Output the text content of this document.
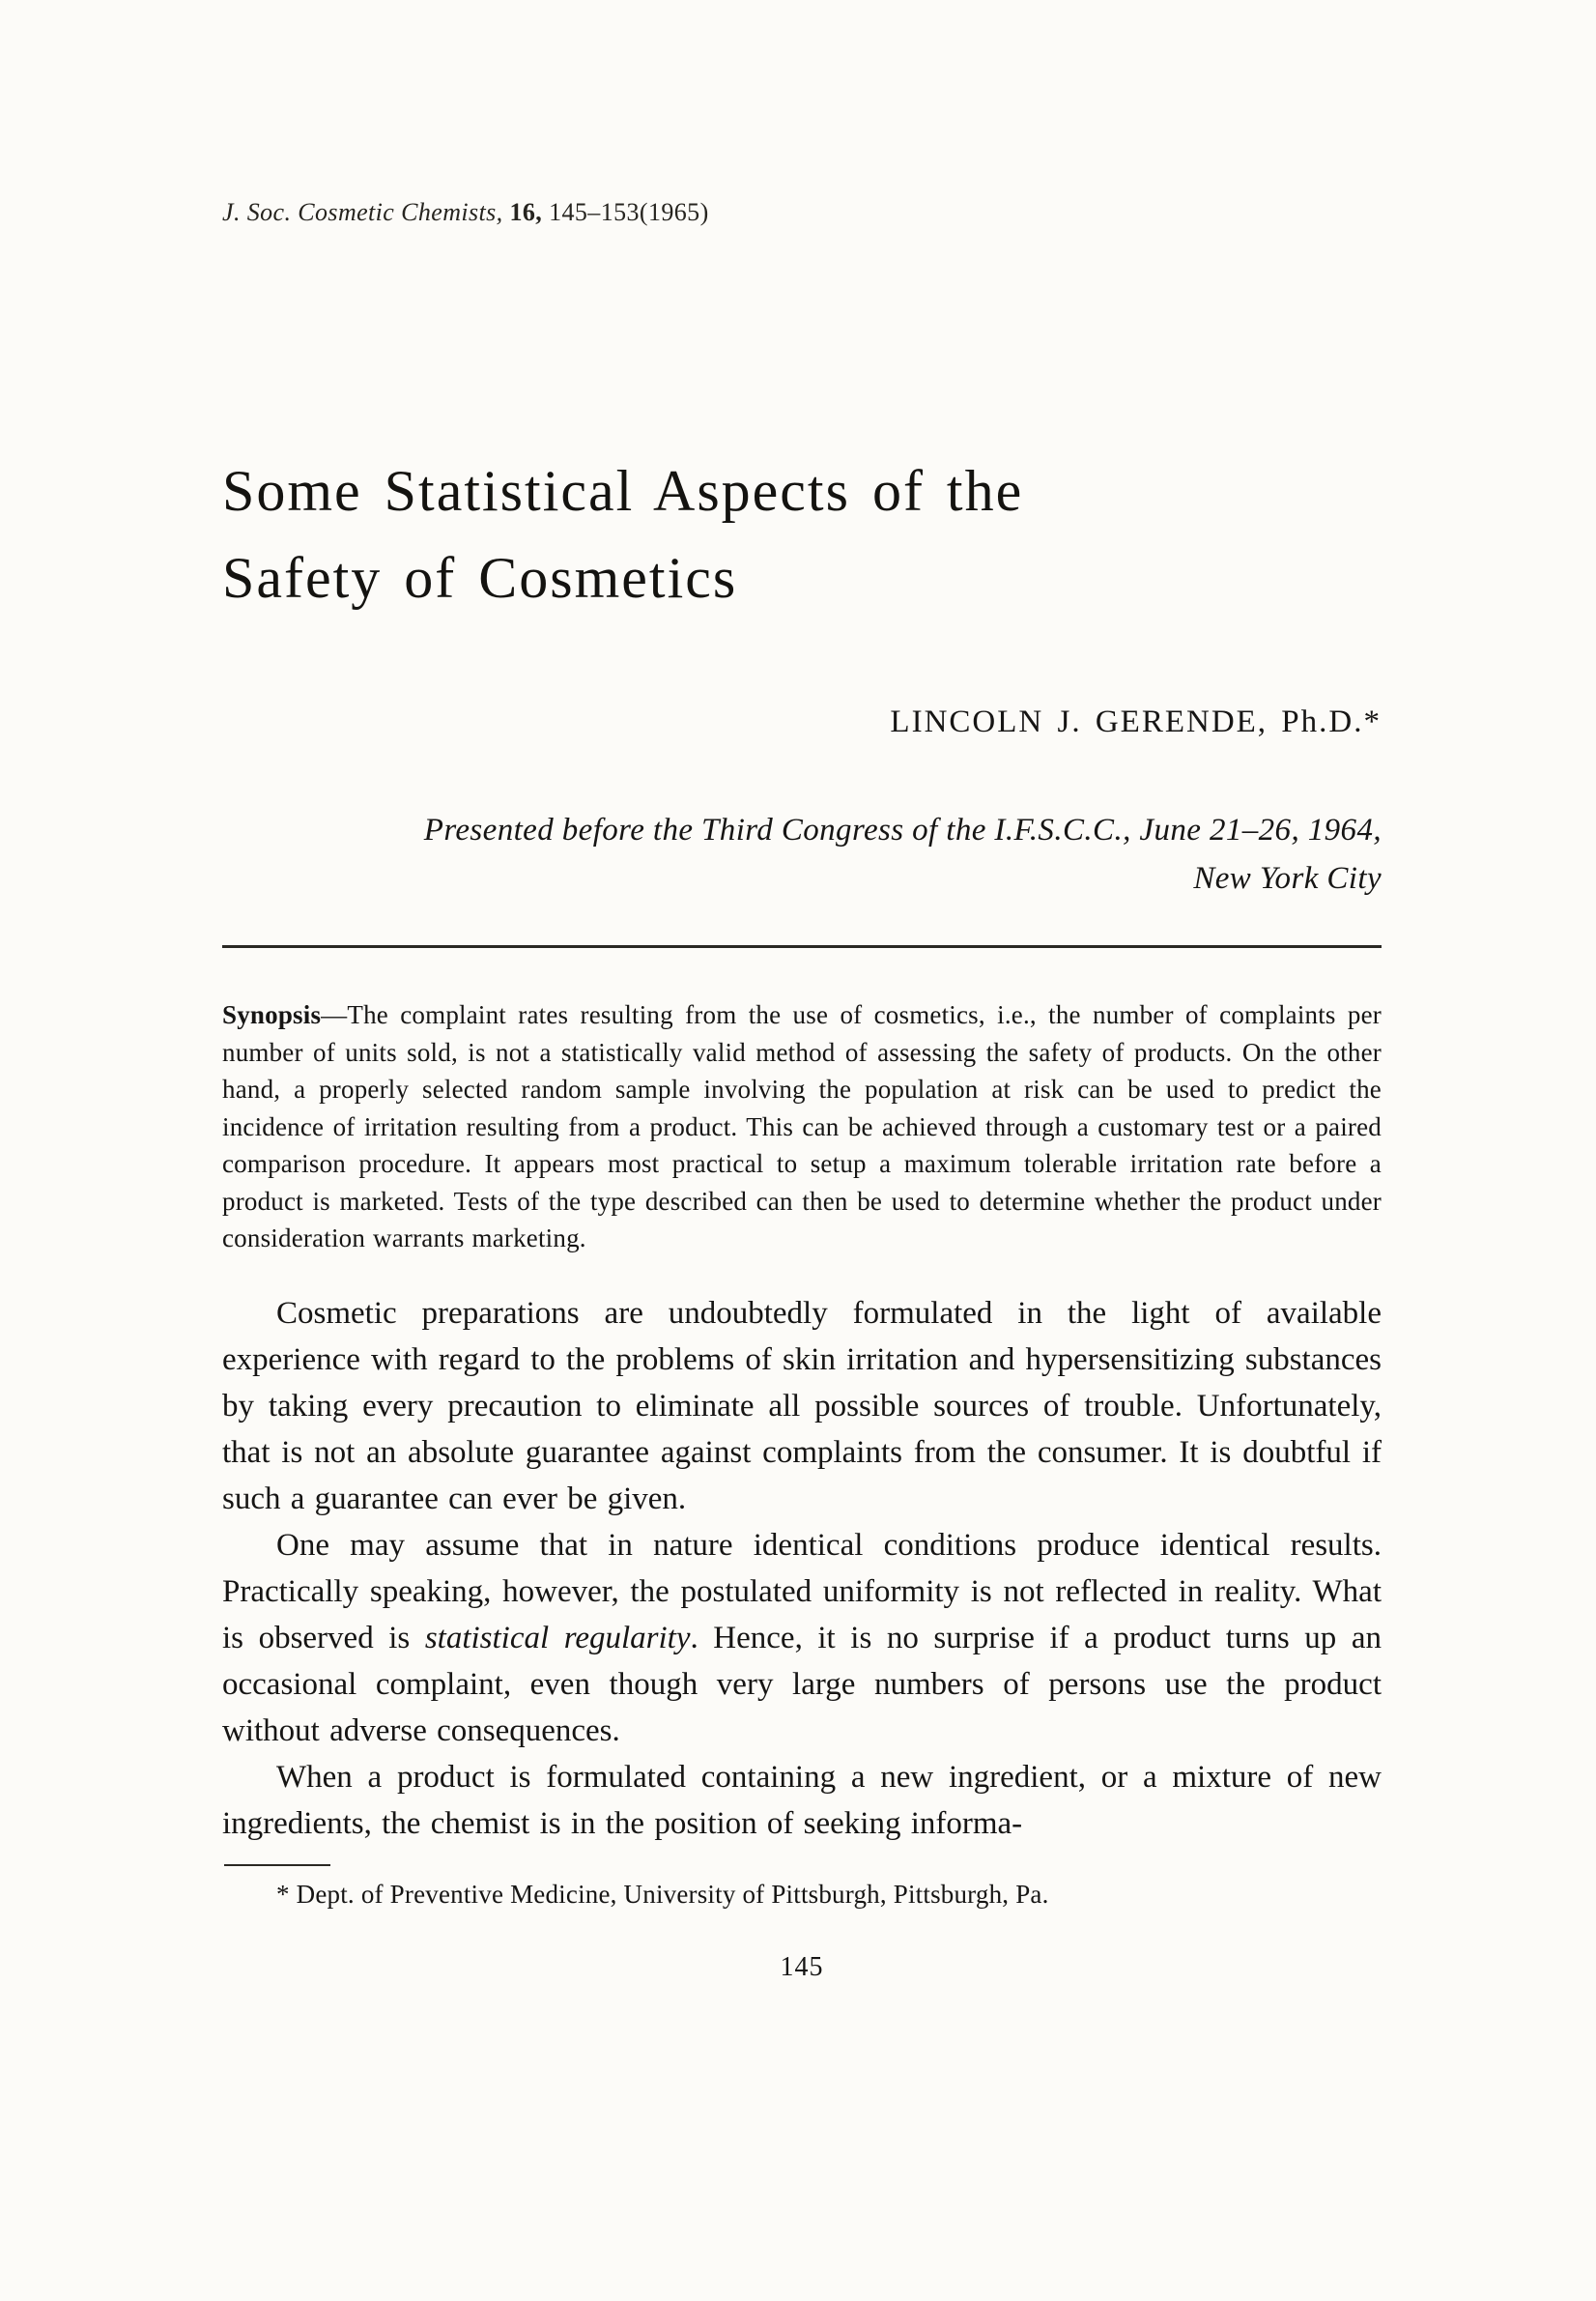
J. Soc. Cosmetic Chemists, 16, 145–153(1965)
Some Statistical Aspects of the
Safety of Cosmetics
LINCOLN J. GERENDE, Ph.D.*
Presented before the Third Congress of the I.F.S.C.C., June 21–26, 1964,
New York City

Synopsis—The complaint rates resulting from the use of cosmetics, i.e., the number of complaints per number of units sold, is not a statistically valid method of assessing the safety of products. On the other hand, a properly selected random sample involving the population at risk can be used to predict the incidence of irritation resulting from a product. This can be achieved through a customary test or a paired comparison procedure. It appears most practical to setup a maximum tolerable irritation rate before a product is marketed. Tests of the type described can then be used to determine whether the product under consideration warrants marketing.

Cosmetic preparations are undoubtedly formulated in the light of available experience with regard to the problems of skin irritation and hypersensitizing substances by taking every precaution to eliminate all possible sources of trouble. Unfortunately, that is not an absolute guarantee against complaints from the consumer. It is doubtful if such a guarantee can ever be given.

One may assume that in nature identical conditions produce identical results. Practically speaking, however, the postulated uniformity is not reflected in reality. What is observed is statistical regularity. Hence, it is no surprise if a product turns up an occasional complaint, even though very large numbers of persons use the product without adverse consequences.

When a product is formulated containing a new ingredient, or a mixture of new ingredients, the chemist is in the position of seeking informa-

* Dept. of Preventive Medicine, University of Pittsburgh, Pittsburgh, Pa.
145
